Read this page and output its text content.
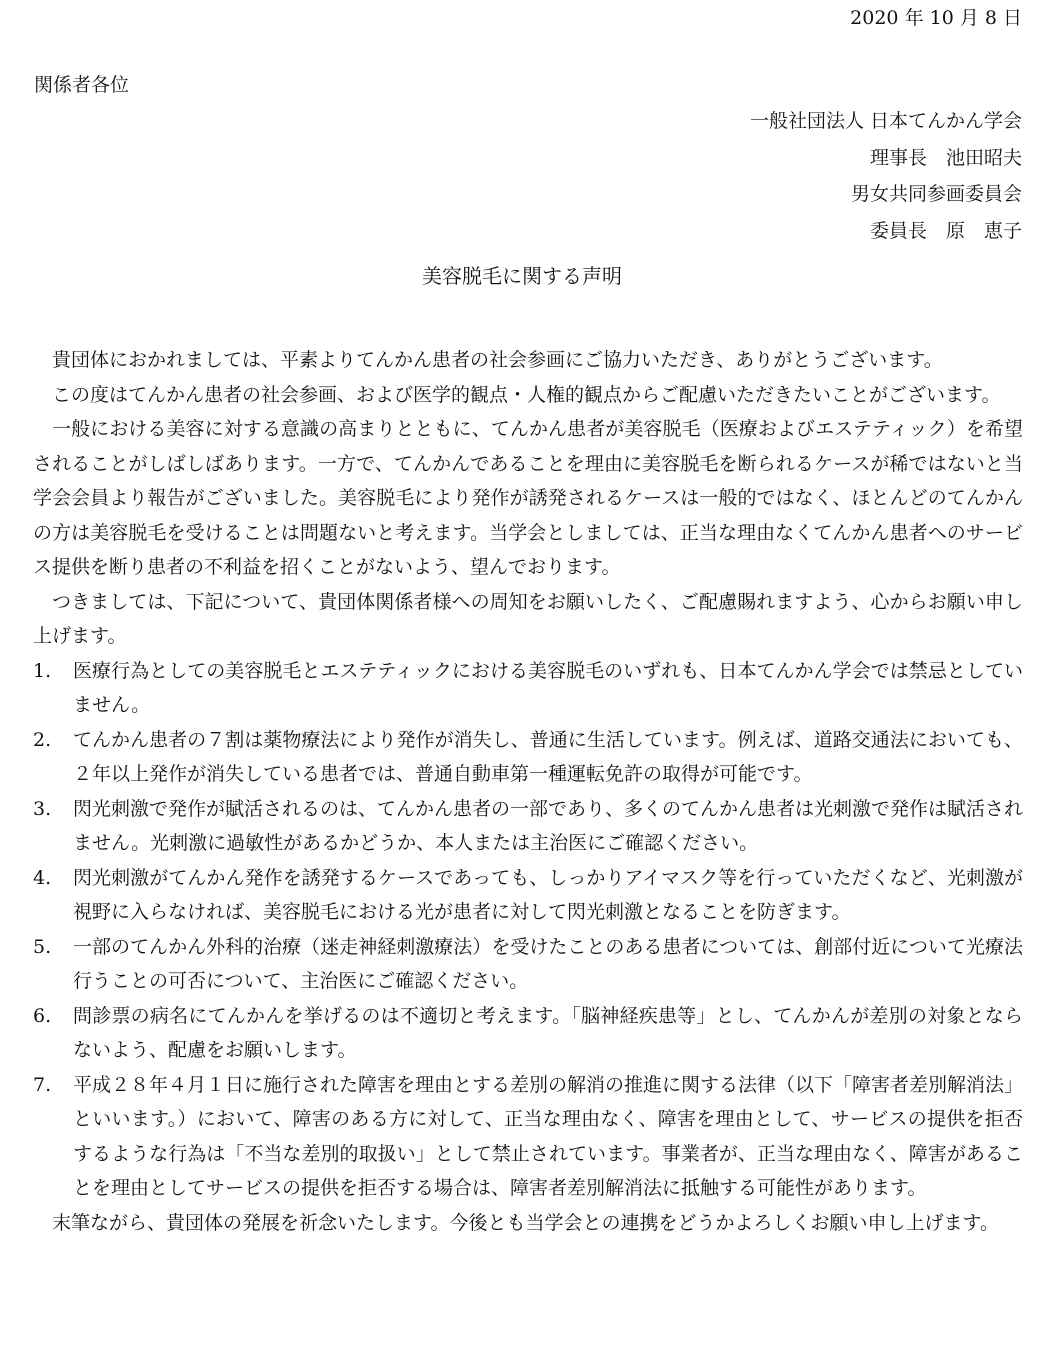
2020 年 10 月 8 日
関係者各位
一般社団法人 日本てんかん学会
理事長　池田昭夫
男女共同参画委員会
委員長　原　恵子
美容脱毛に関する声明

貴団体におかれましては、平素よりてんかん患者の社会参画にご協力いただき、ありがとうございます。

この度はてんかん患者の社会参画、および医学的観点・人権的観点からご配慮いただきたいことがございます。

一般における美容に対する意識の高まりとともに、てんかん患者が美容脱毛（医療およびエステティック）を希望されることがしばしばあります。一方で、てんかんであることを理由に美容脱毛を断られるケースが稀ではないと当学会会員より報告がございました。美容脱毛により発作が誘発されるケースは一般的ではなく、ほとんどのてんかんの方は美容脱毛を受けることは問題ないと考えます。当学会としましては、正当な理由なくてんかん患者へのサービス提供を断り患者の不利益を招くことがないよう、望んでおります。

つきましては、下記について、貴団体関係者様への周知をお願いしたく、ご配慮賜れますよう、心からお願い申し上げます。

1.	医療行為としての美容脱毛とエステティックにおける美容脱毛のいずれも、日本てんかん学会では禁忌としていません。
2.	てんかん患者の７割は薬物療法により発作が消失し、普通に生活しています。例えば、道路交通法においても、２年以上発作が消失している患者では、普通自動車第一種運転免許の取得が可能です。
3.	閃光刺激で発作が賦活されるのは、てんかん患者の一部であり、多くのてんかん患者は光刺激で発作は賦活されません。光刺激に過敏性があるかどうか、本人または主治医にご確認ください。
4.	閃光刺激がてんかん発作を誘発するケースであっても、しっかりアイマスク等を行っていただくなど、光刺激が視野に入らなければ、美容脱毛における光が患者に対して閃光刺激となることを防ぎます。
5.	一部のてんかん外科的治療（迷走神経刺激療法）を受けたことのある患者については、創部付近について光療法行うことの可否について、主治医にご確認ください。
6.	問診票の病名にてんかんを挙げるのは不適切と考えます。「脳神経疾患等」とし、てんかんが差別の対象とならないよう、配慮をお願いします。
7.	平成２８年４月１日に施行された障害を理由とする差別の解消の推進に関する法律（以下「障害者差別解消法」といいます。）において、障害のある方に対して、正当な理由なく、障害を理由として、サービスの提供を拒否するような行為は「不当な差別的取扱い」として禁止されています。事業者が、正当な理由なく、障害があることを理由としてサービスの提供を拒否する場合は、障害者差別解消法に抵触する可能性があります。

末筆ながら、貴団体の発展を祈念いたします。今後とも当学会との連携をどうかよろしくお願い申し上げます。
